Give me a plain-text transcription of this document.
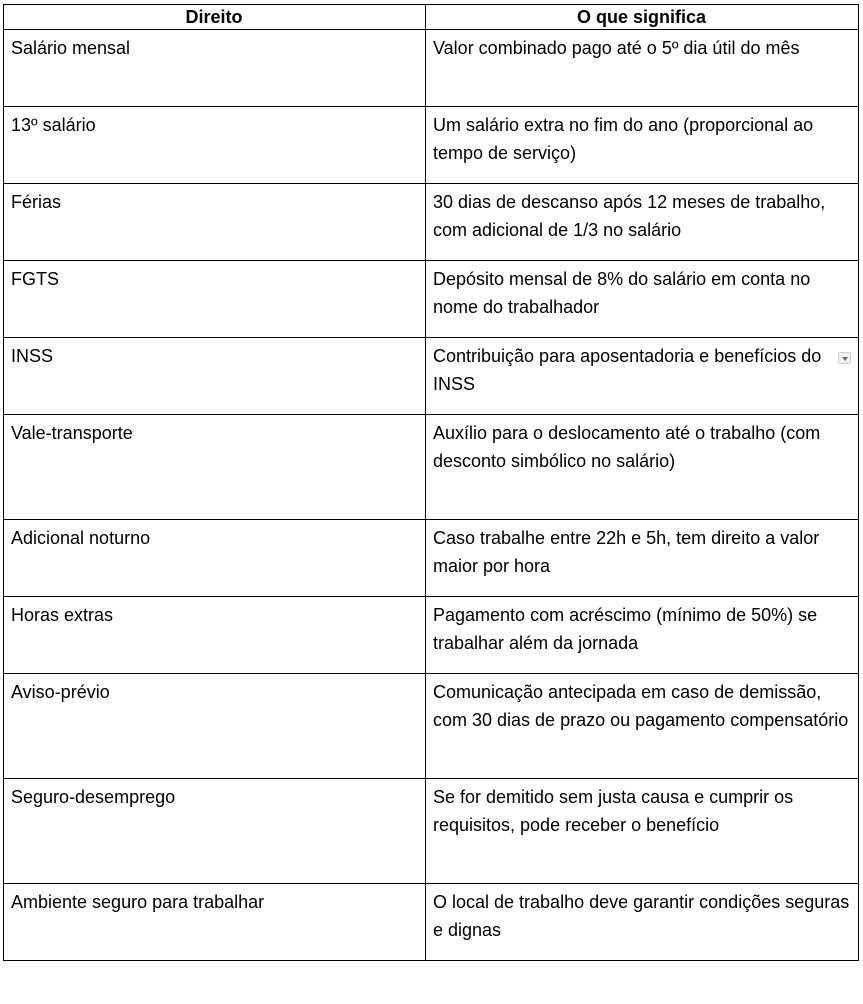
Direito	O que significa
Salário mensal	Valor combinado pago até o 5º dia útil do mês
13º salário	Um salário extra no fim do ano (proporcional ao tempo de serviço)
Férias	30 dias de descanso após 12 meses de trabalho, com adicional de 1/3 no salário
FGTS	Depósito mensal de 8% do salário em conta no nome do trabalhador
INSS	Contribuição para aposentadoria e benefícios do INSS

Vale-transporte	Auxílio para o deslocamento até o trabalho (com desconto simbólico no salário)
Adicional noturno	Caso trabalhe entre 22h e 5h, tem direito a valor maior por hora
Horas extras	Pagamento com acréscimo (mínimo de 50%) se trabalhar além da jornada
Aviso-prévio	Comunicação antecipada em caso de demissão, com 30 dias de prazo ou pagamento compensatório
Seguro-desemprego	Se for demitido sem justa causa e cumprir os requisitos, pode receber o benefício
Ambiente seguro para trabalhar	O local de trabalho deve garantir condições seguras e dignas
